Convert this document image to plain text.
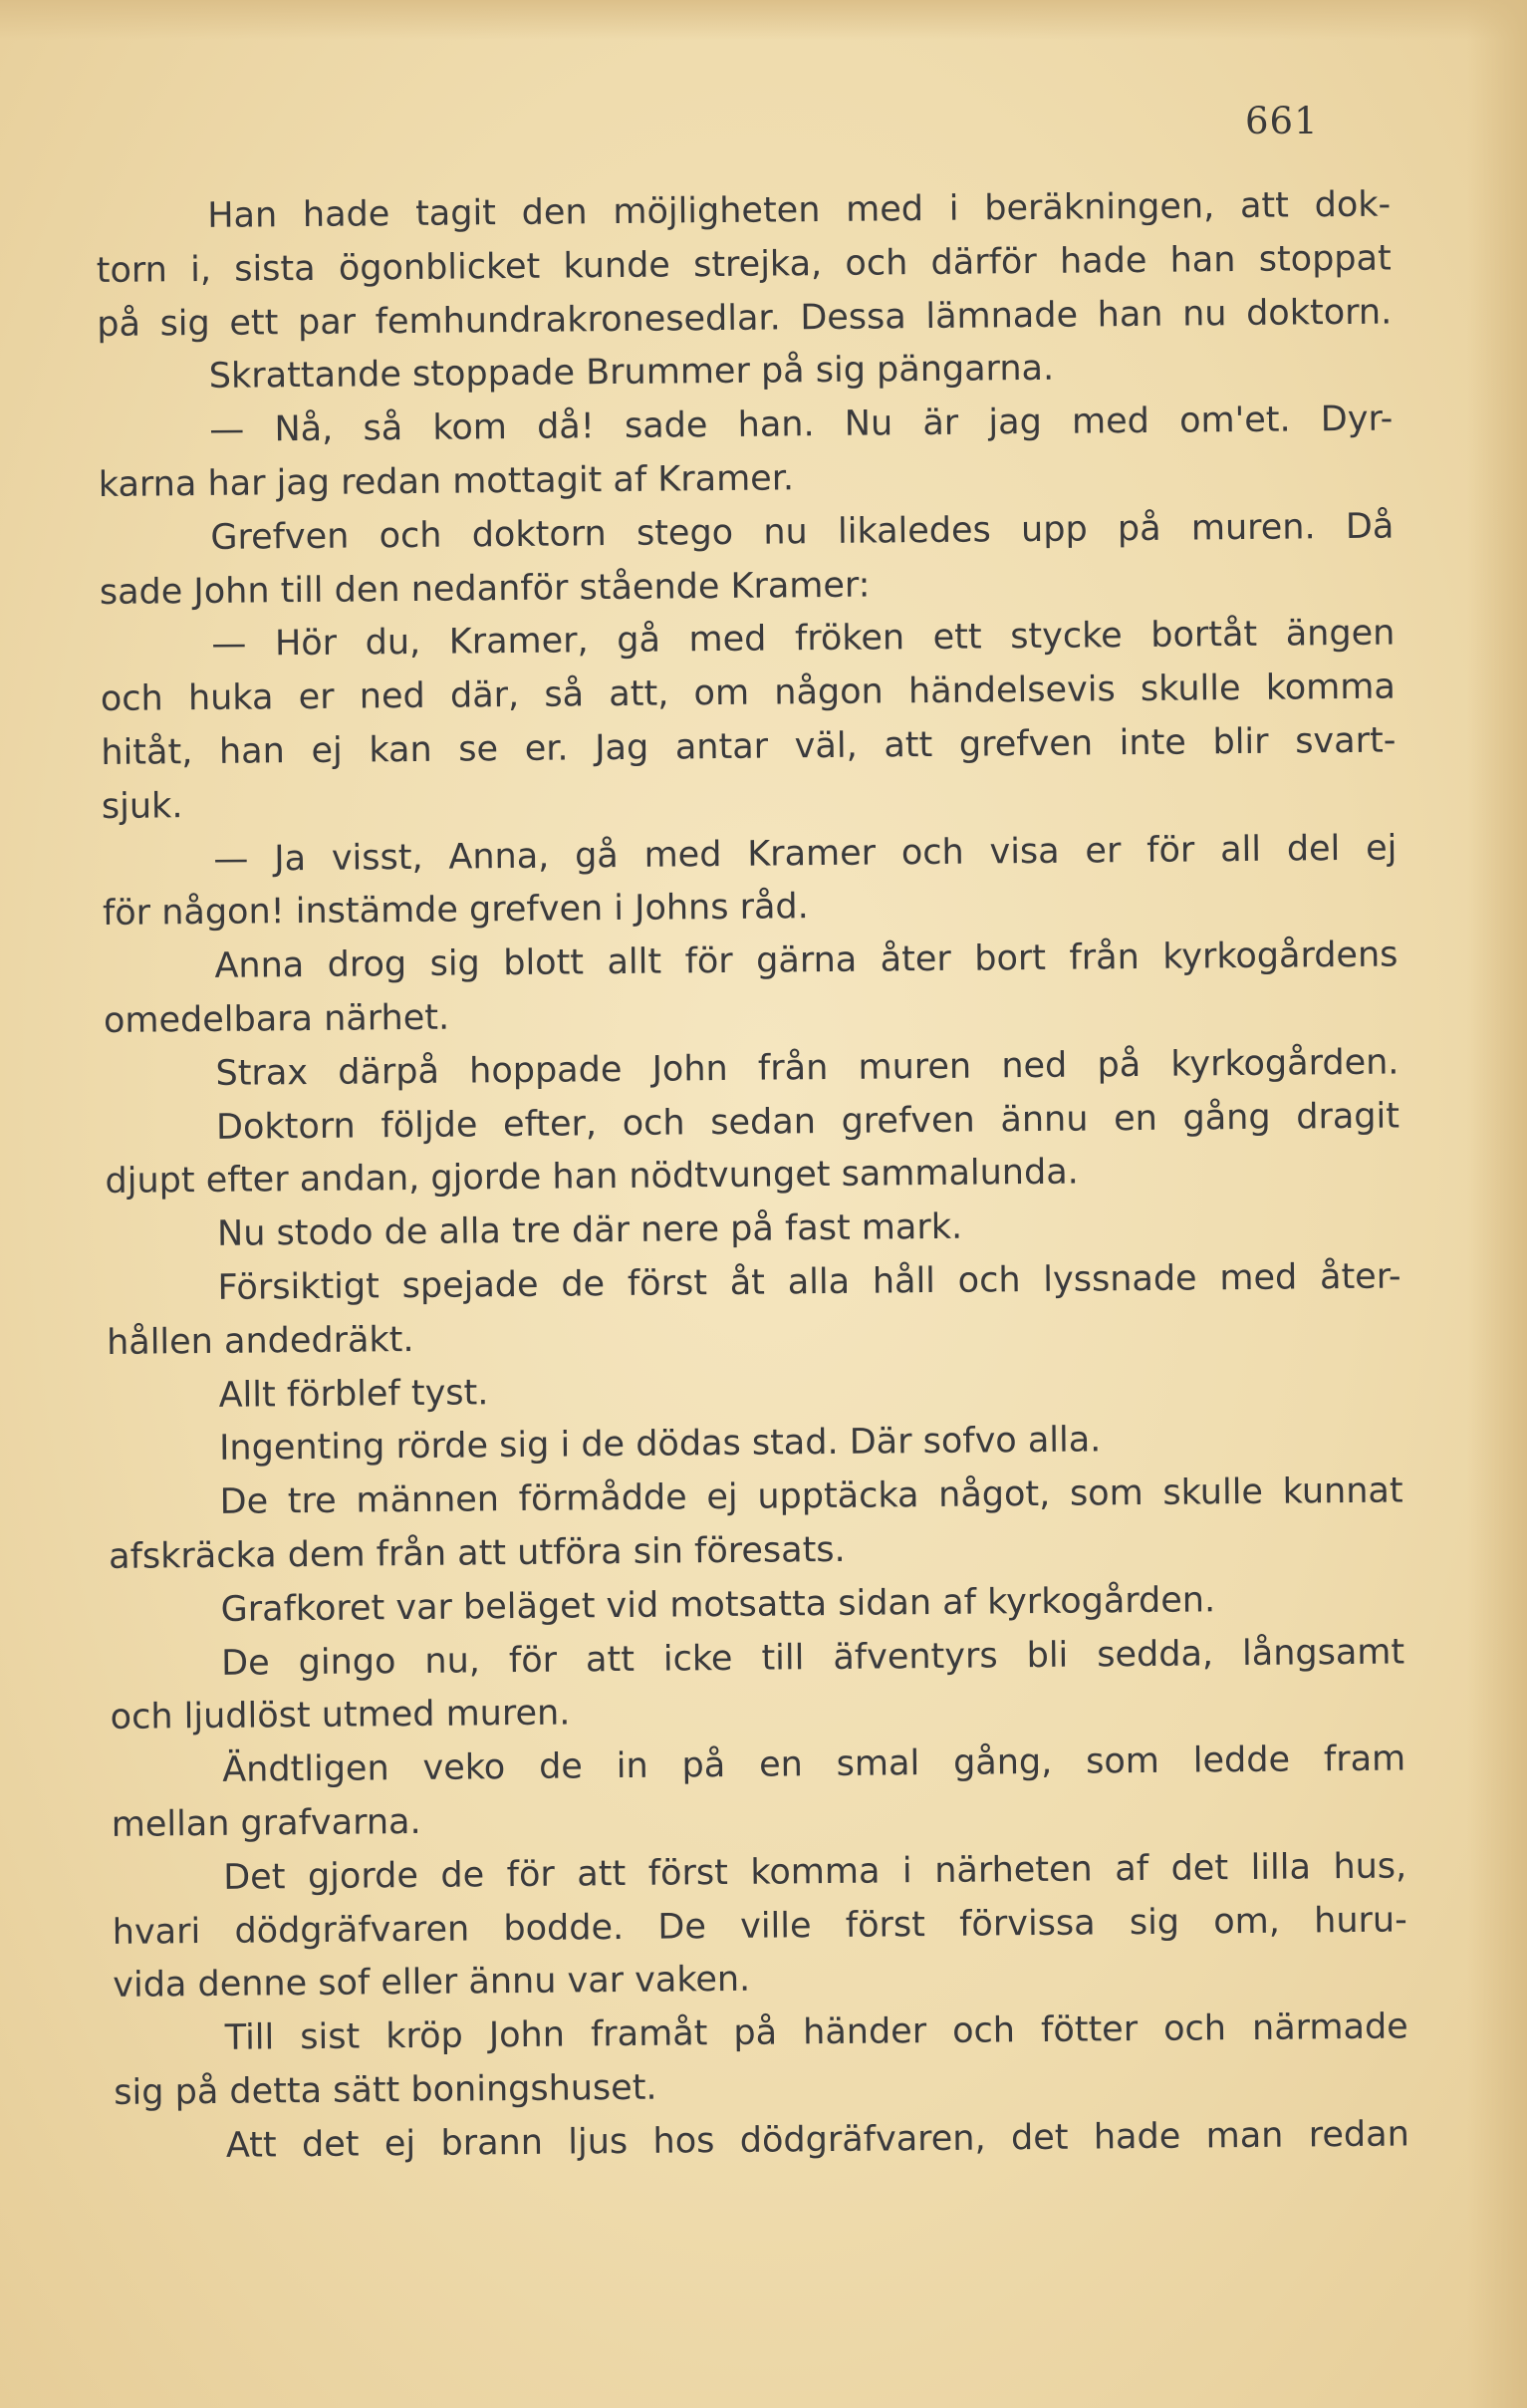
661
Han hade tagit den möjligheten med i beräkningen, att dok-
torn i, sista ögonblicket kunde strejka, och därför hade han stoppat
på sig ett par femhundrakronesedlar. Dessa lämnade han nu doktorn.
Skrattande stoppade Brummer på sig pängarna.
— Nå, så kom då! sade han. Nu är jag med om'et. Dyr-
karna har jag redan mottagit af Kramer.
Grefven och doktorn stego nu likaledes upp på muren. Då
sade John till den nedanför stående Kramer:
— Hör du, Kramer, gå med fröken ett stycke bortåt ängen
och huka er ned där, så att, om någon händelsevis skulle komma
hitåt, han ej kan se er. Jag antar väl, att grefven inte blir svart-
sjuk.
— Ja visst, Anna, gå med Kramer och visa er för all del ej
för någon! instämde grefven i Johns råd.
Anna drog sig blott allt för gärna åter bort från kyrkogårdens
omedelbara närhet.
Strax därpå hoppade John från muren ned på kyrkogården.
Doktorn följde efter, och sedan grefven ännu en gång dragit
djupt efter andan, gjorde han nödtvunget sammalunda.
Nu stodo de alla tre där nere på fast mark.
Försiktigt spejade de först åt alla håll och lyssnade med åter-
hållen andedräkt.
Allt förblef tyst.
Ingenting rörde sig i de dödas stad. Där sofvo alla.
De tre männen förmådde ej upptäcka något, som skulle kunnat
afskräcka dem från att utföra sin föresats.
Grafkoret var beläget vid motsatta sidan af kyrkogården.
De gingo nu, för att icke till äfventyrs bli sedda, långsamt
och ljudlöst utmed muren.
Ändtligen veko de in på en smal gång, som ledde fram
mellan grafvarna.
Det gjorde de för att först komma i närheten af det lilla hus,
hvari dödgräfvaren bodde. De ville först förvissa sig om, huru-
vida denne sof eller ännu var vaken.
Till sist kröp John framåt på händer och fötter och närmade
sig på detta sätt boningshuset.
Att det ej brann ljus hos dödgräfvaren, det hade man redan
